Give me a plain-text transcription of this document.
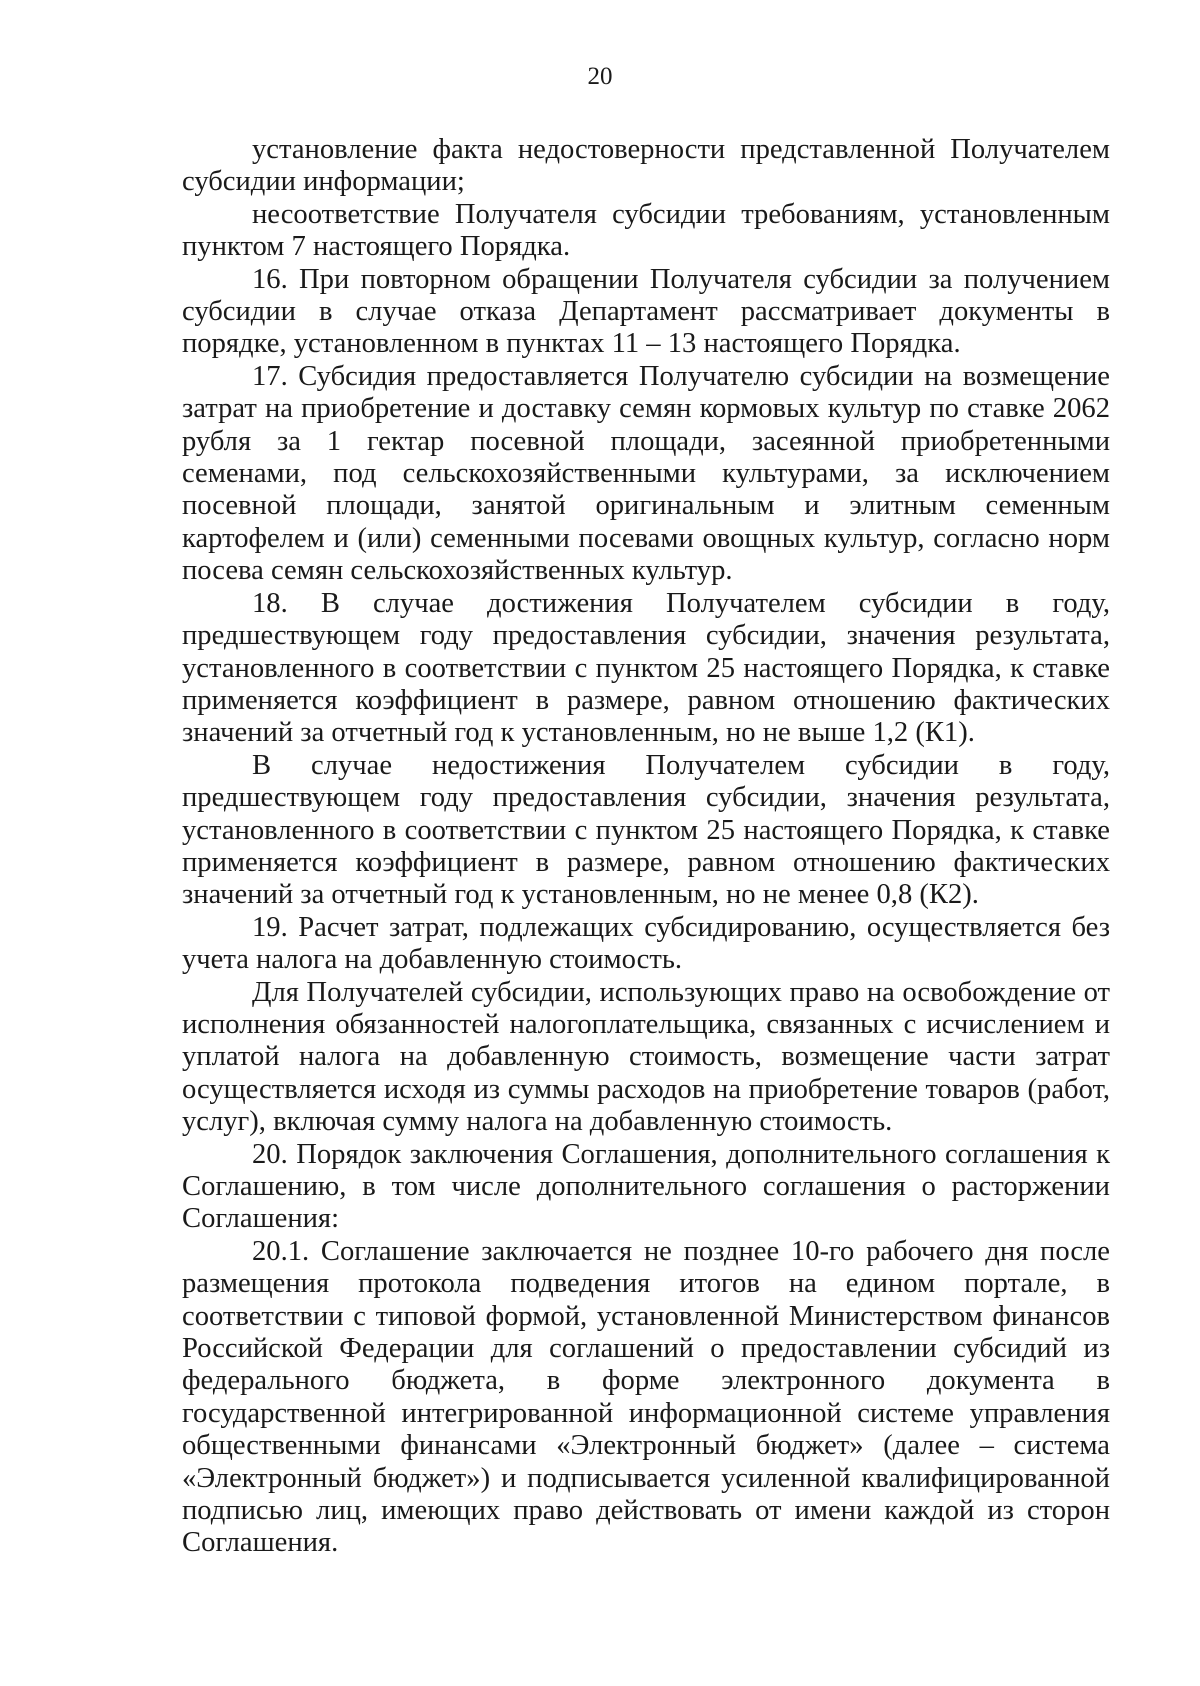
20

установление факта недостоверности представленной Получателем субсидии информации;

несоответствие Получателя субсидии требованиям, установленным пунктом 7 настоящего Порядка.

16. При повторном обращении Получателя субсидии за получением субсидии в случае отказа Департамент рассматривает документы в порядке, установленном в пунктах 11 – 13 настоящего Порядка.

17. Субсидия предоставляется Получателю субсидии на возмещение затрат на приобретение и доставку семян кормовых культур по ставке 2062 рубля за 1 гектар посевной площади, засеянной приобретенными семенами, под сельскохозяйственными культурами, за исключением посевной площади, занятой оригинальным и элитным семенным картофелем и (или) семенными посевами овощных культур, согласно норм посева семян сельскохозяйственных культур.

18. В случае достижения Получателем субсидии в году, предшествующем году предоставления субсидии, значения результата, установленного в соответствии с пунктом 25 настоящего Порядка, к ставке применяется коэффициент в размере, равном отношению фактических значений за отчетный год к установленным, но не выше 1,2 (К1).

В случае недостижения Получателем субсидии в году, предшествующем году предоставления субсидии, значения результата, установленного в соответствии с пунктом 25 настоящего Порядка, к ставке применяется коэффициент в размере, равном отношению фактических значений за отчетный год к установленным, но не менее 0,8 (К2).

19. Расчет затрат, подлежащих субсидированию, осуществляется без учета налога на добавленную стоимость.

Для Получателей субсидии, использующих право на освобождение от исполнения обязанностей налогоплательщика, связанных с исчислением и уплатой налога на добавленную стоимость, возмещение части затрат осуществляется исходя из суммы расходов на приобретение товаров (работ, услуг), включая сумму налога на добавленную стоимость.

20. Порядок заключения Соглашения, дополнительного соглашения к Соглашению, в том числе дополнительного соглашения о расторжении Соглашения:

20.1. Соглашение заключается не позднее 10-го рабочего дня после размещения протокола подведения итогов на едином портале, в соответствии с типовой формой, установленной Министерством финансов Российской Федерации для соглашений о предоставлении субсидий из федерального бюджета, в форме электронного документа в государственной интегрированной информационной системе управления общественными финансами «Электронный бюджет» (далее – система «Электронный бюджет») и подписывается усиленной квалифицированной подписью лиц, имеющих право действовать от имени каждой из сторон Соглашения.
